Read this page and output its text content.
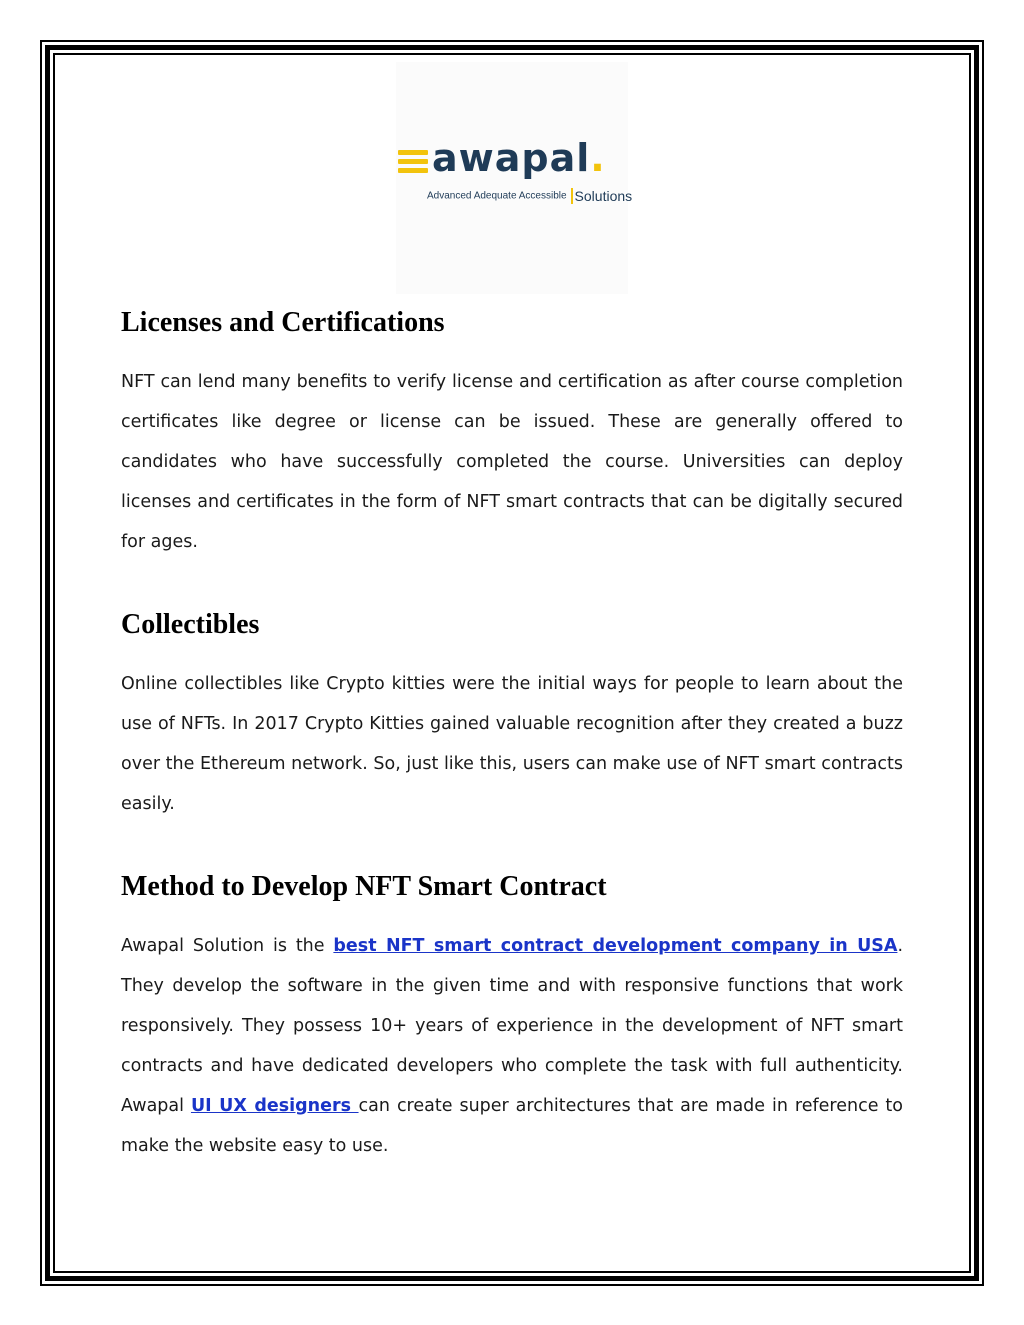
awapal.
Advanced Adequate Accessible Solutions
Licenses and Certifications

NFT can lend many benefits to verify license and certification as after course completion certificates like degree or license can be issued. These are generally offered to candidates who have successfully completed the course. Universities can deploy licenses and certificates in the form of NFT smart contracts that can be digitally secured for ages.

Collectibles

Online collectibles like Crypto kitties were the initial ways for people to learn about the use of NFTs. In 2017 Crypto Kitties gained valuable recognition after they created a buzz over the Ethereum network. So, just like this, users can make use of NFT smart contracts easily.

Method to Develop NFT Smart Contract

Awapal Solution is the best NFT smart contract development company in USA. They develop the software in the given time and with responsive functions that work responsively. They possess 10+ years of experience in the development of NFT smart contracts and have dedicated developers who complete the task with full authenticity. Awapal UI UX designers can create super architectures that are made in reference to make the website easy to use.
